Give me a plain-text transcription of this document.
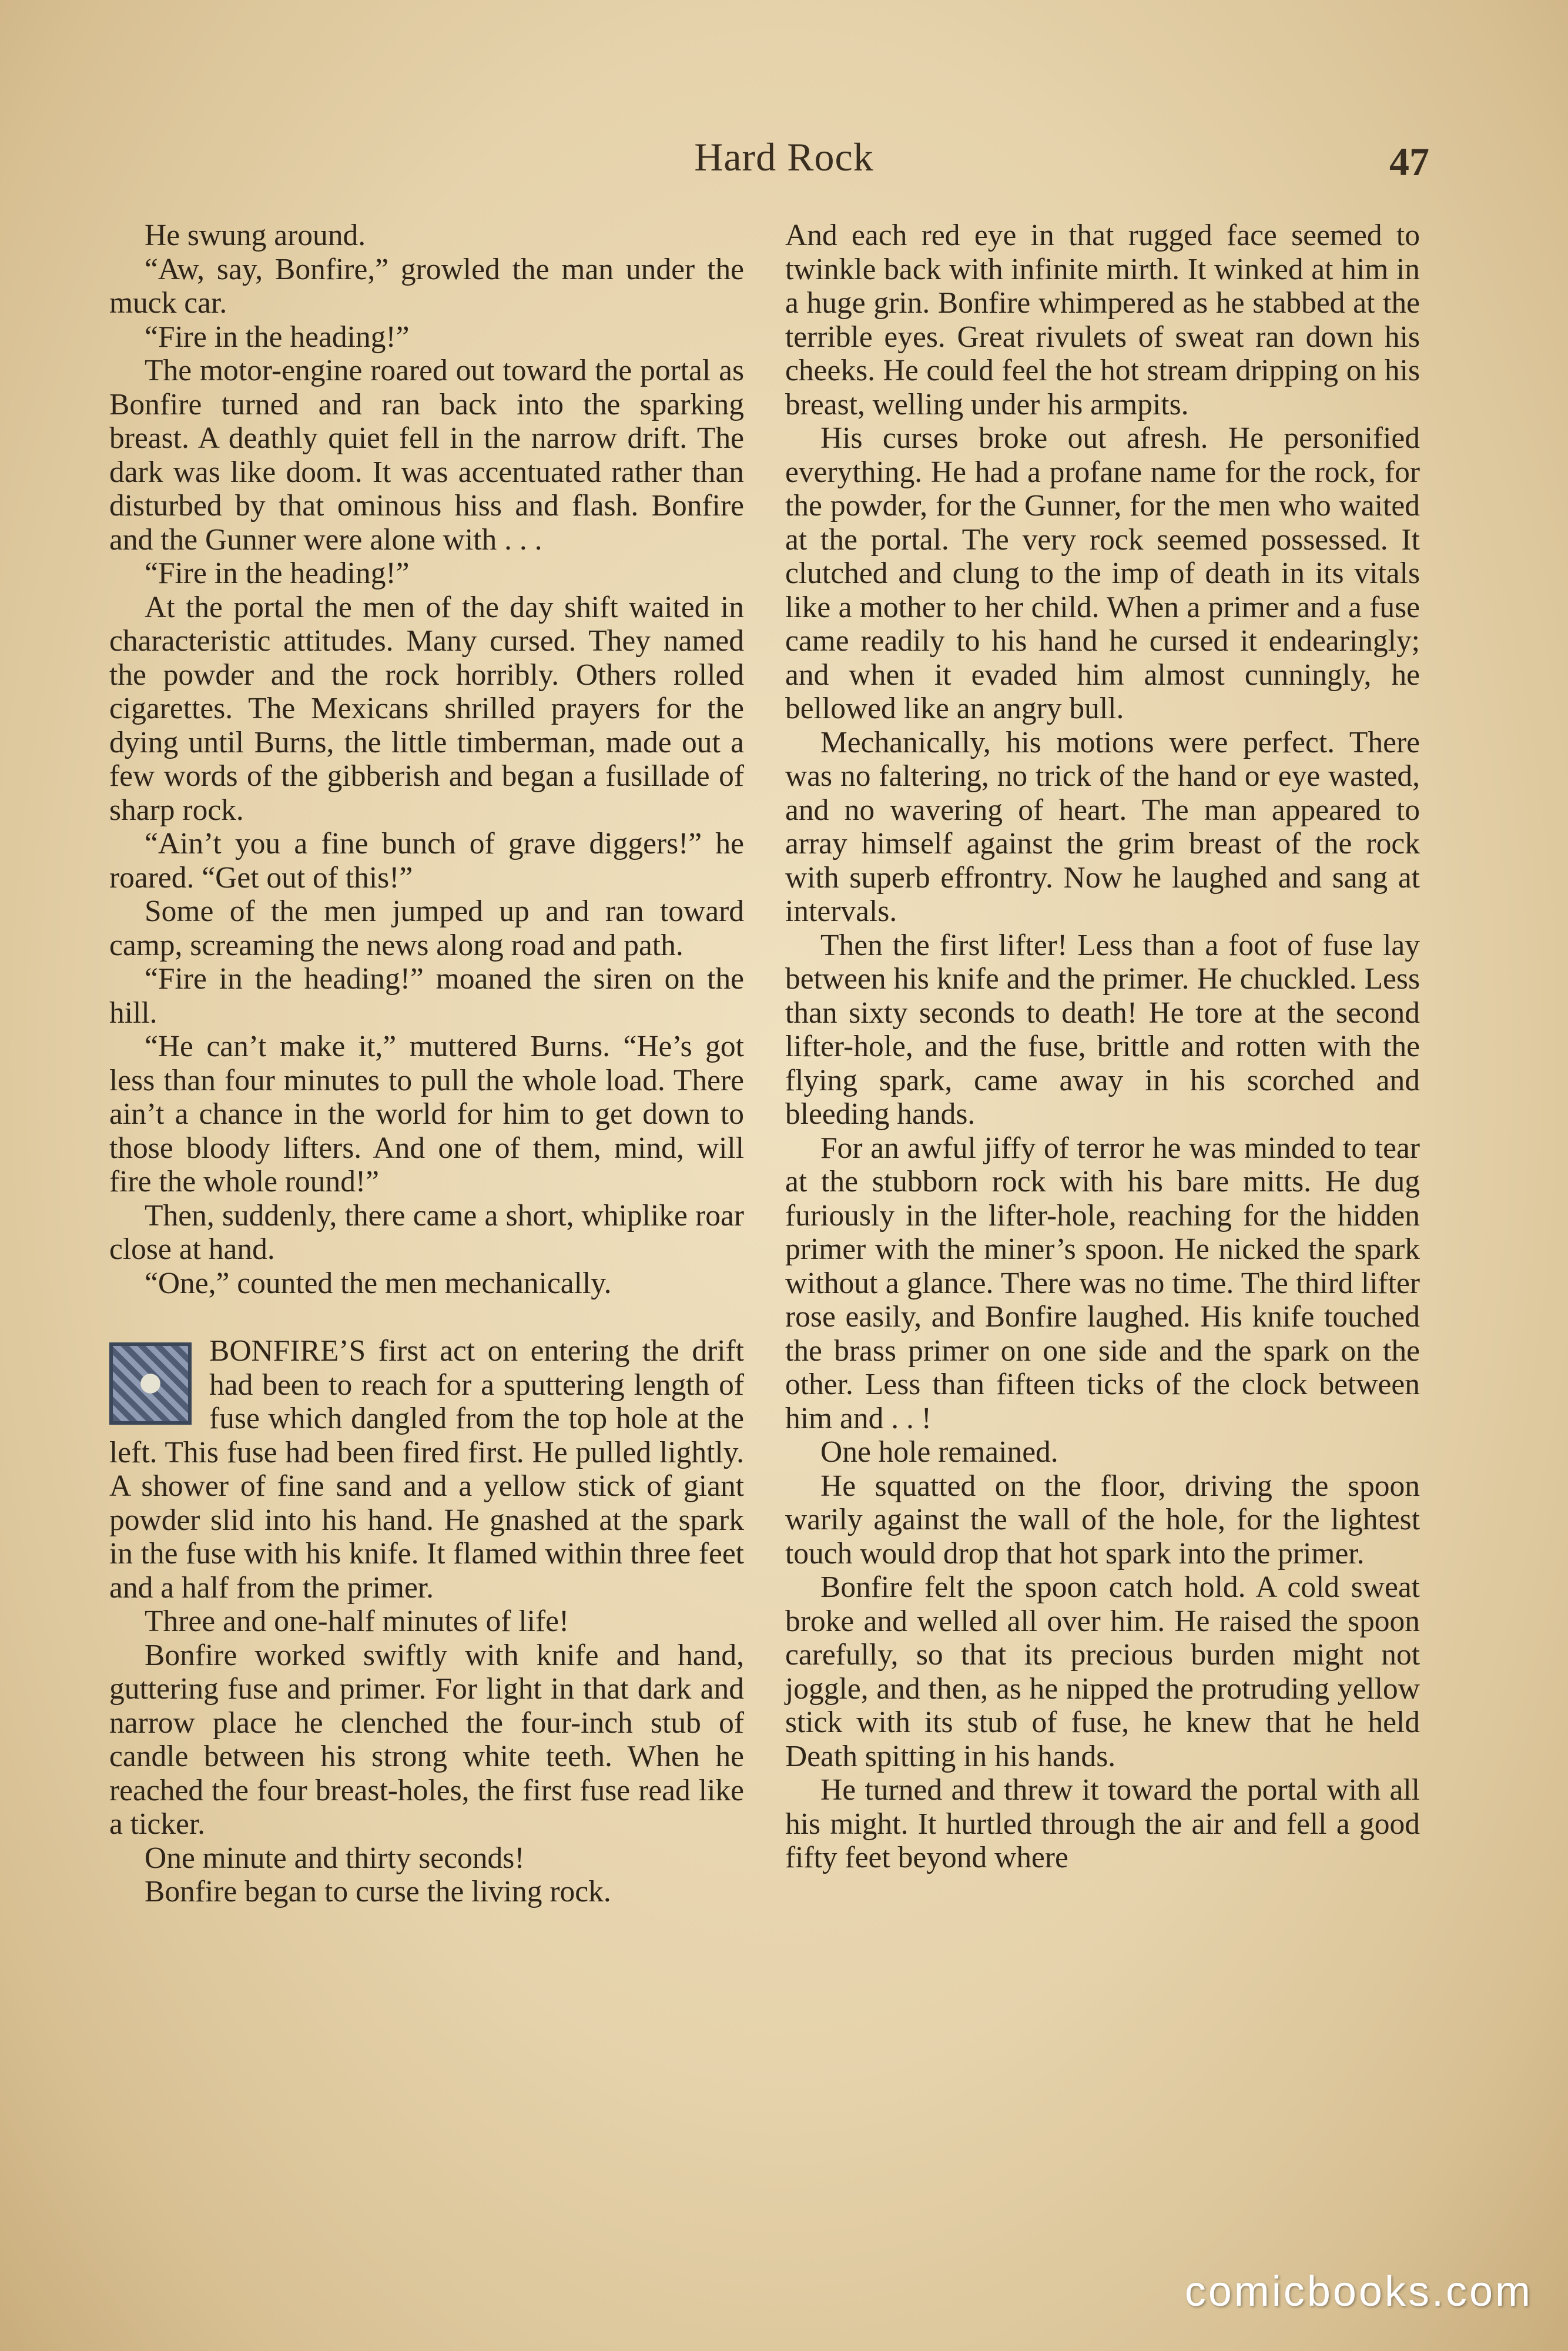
Hard Rock	47

He swung around.

“Aw, say, Bonfire,” growled the man under the muck car.

“Fire in the heading!”

The motor-engine roared out toward the portal as Bonfire turned and ran back into the sparking breast. A deathly quiet fell in the narrow drift. The dark was like doom. It was accentuated rather than disturbed by that ominous hiss and flash. Bonfire and the Gunner were alone with . . .

“Fire in the heading!”

At the portal the men of the day shift waited in characteristic attitudes. Many cursed. They named the powder and the rock horribly. Others rolled cigarettes. The Mexicans shrilled prayers for the dying until Burns, the little timberman, made out a few words of the gibberish and began a fusillade of sharp rock.

“Ain’t you a fine bunch of grave diggers!” he roared. “Get out of this!”

Some of the men jumped up and ran toward camp, screaming the news along road and path.

“Fire in the heading!” moaned the siren on the hill.

“He can’t make it,” muttered Burns. “He’s got less than four minutes to pull the whole load. There ain’t a chance in the world for him to get down to those bloody lifters. And one of them, mind, will fire the whole round!”

Then, suddenly, there came a short, whiplike roar close at hand.

“One,” counted the men mechanically.

BONFIRE’S first act on entering the drift had been to reach for a sputtering length of fuse which dangled from the top hole at the left. This fuse had been fired first. He pulled lightly. A shower of fine sand and a yellow stick of giant powder slid into his hand. He gnashed at the spark in the fuse with his knife. It flamed within three feet and a half from the primer.

Three and one-half minutes of life!

Bonfire worked swiftly with knife and hand, guttering fuse and primer. For light in that dark and narrow place he clenched the four-inch stub of candle between his strong white teeth. When he reached the four breast-holes, the first fuse read like a ticker.

One minute and thirty seconds!

Bonfire began to curse the living rock.

And each red eye in that rugged face seemed to twinkle back with infinite mirth. It winked at him in a huge grin. Bonfire whimpered as he stabbed at the terrible eyes. Great rivulets of sweat ran down his cheeks. He could feel the hot stream dripping on his breast, welling under his armpits.

His curses broke out afresh. He personified everything. He had a profane name for the rock, for the powder, for the Gunner, for the men who waited at the portal. The very rock seemed possessed. It clutched and clung to the imp of death in its vitals like a mother to her child. When a primer and a fuse came readily to his hand he cursed it endearingly; and when it evaded him almost cunningly, he bellowed like an angry bull.

Mechanically, his motions were perfect. There was no faltering, no trick of the hand or eye wasted, and no wavering of heart. The man appeared to array himself against the grim breast of the rock with superb effrontry. Now he laughed and sang at intervals.

Then the first lifter! Less than a foot of fuse lay between his knife and the primer. He chuckled. Less than sixty seconds to death! He tore at the second lifter-hole, and the fuse, brittle and rotten with the flying spark, came away in his scorched and bleeding hands.

For an awful jiffy of terror he was minded to tear at the stubborn rock with his bare mitts. He dug furiously in the lifter-hole, reaching for the hidden primer with the miner’s spoon. He nicked the spark without a glance. There was no time. The third lifter rose easily, and Bonfire laughed. His knife touched the brass primer on one side and the spark on the other. Less than fifteen ticks of the clock between him and . . !

One hole remained.

He squatted on the floor, driving the spoon warily against the wall of the hole, for the lightest touch would drop that hot spark into the primer.

Bonfire felt the spoon catch hold. A cold sweat broke and welled all over him. He raised the spoon carefully, so that its precious burden might not joggle, and then, as he nipped the protruding yellow stick with its stub of fuse, he knew that he held Death spitting in his hands.

He turned and threw it toward the portal with all his might. It hurtled through the air and fell a good fifty feet beyond where

comicbooks.com
